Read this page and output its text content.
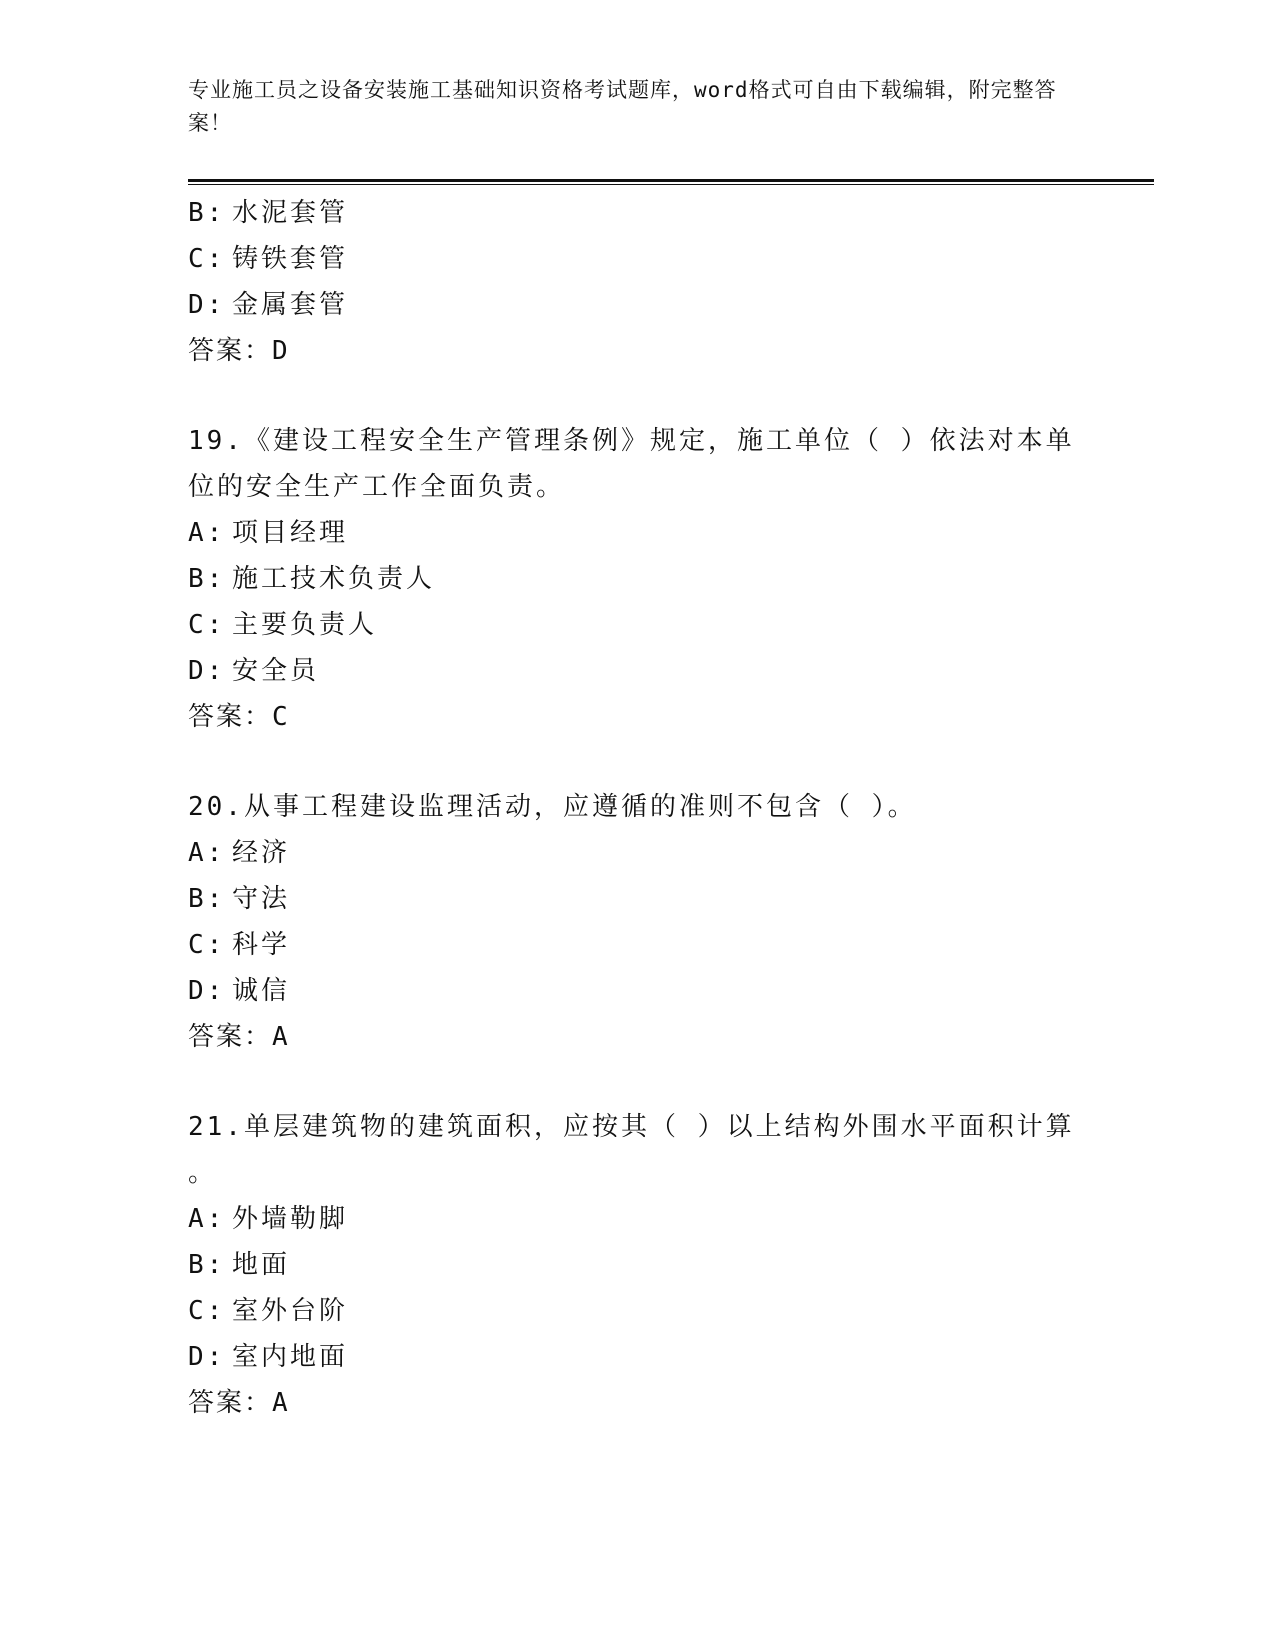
专业施工员之设备安装施工基础知识资格考试题库，word格式可自由下载编辑，附完整答案！
B: 水泥套管
C: 铸铁套管
D: 金属套管
答案：D
19.《建设工程安全生产管理条例》规定，施工单位（ ）依法对本单
位的安全生产工作全面负责。
A: 项目经理
B: 施工技术负责人
C: 主要负责人
D: 安全员
答案：C
20.从事工程建设监理活动，应遵循的准则不包含（ ）。
A: 经济
B: 守法
C: 科学
D: 诚信
答案：A
21.单层建筑物的建筑面积，应按其（ ）以上结构外围水平面积计算
。
A: 外墙勒脚
B: 地面
C: 室外台阶
D: 室内地面
答案：A
